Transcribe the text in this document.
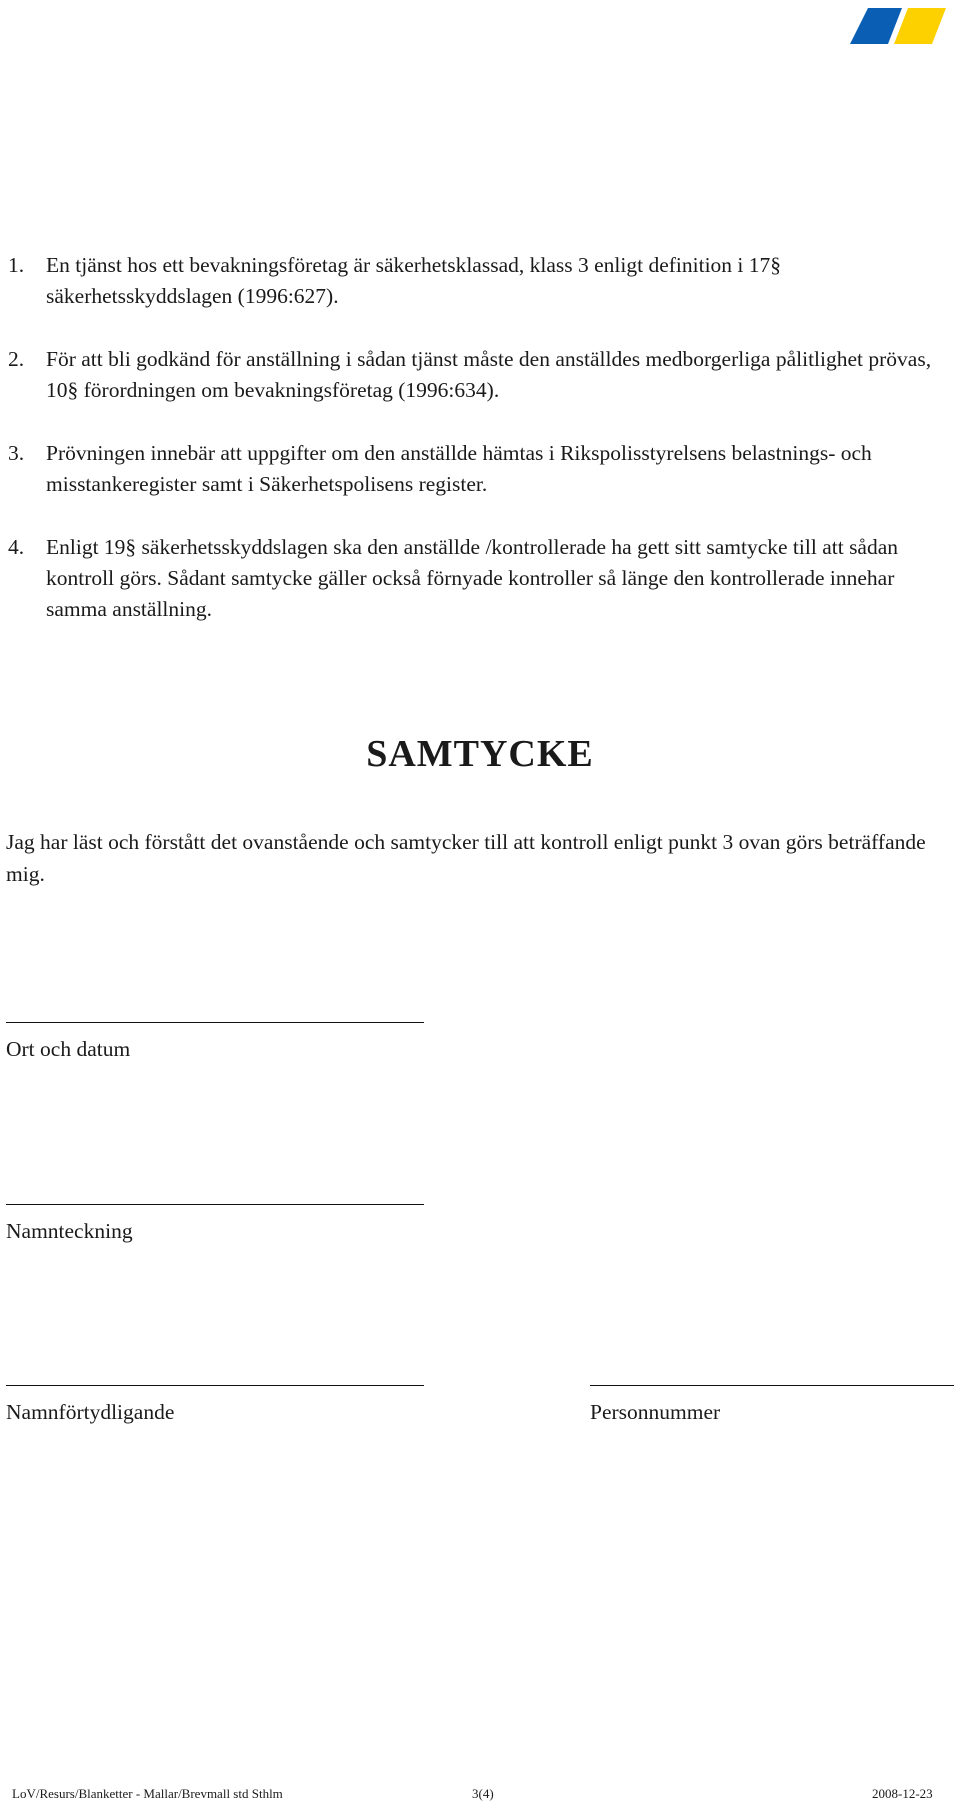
1.	En tjänst hos ett bevakningsföretag är säkerhetsklassad, klass 3 enligt definition i 17§ säkerhetsskyddslagen (1996:627).
2.	För att bli godkänd för anställning i sådan tjänst måste den anställdes medborgerliga pålitlighet prövas, 10§ förordningen om bevakningsföretag (1996:634).
3.	Prövningen innebär att uppgifter om den anställde hämtas i Rikspolisstyrelsens belastnings- och misstankeregister samt i Säkerhetspolisens register.
4.	Enligt 19§ säkerhetsskyddslagen ska den anställde /kontrollerade ha gett sitt samtycke till att sådan kontroll görs. Sådant samtycke gäller också förnyade kontroller så länge den kontrollerade innehar samma anställning.
SAMTYCKE
Jag har läst och förstått det ovanstående och samtycker till att kontroll enligt punkt 3 ovan görs beträffande mig.
Ort och datum
Namnteckning
Namnförtydligande	Personnummer
LoV/Resurs/Blanketter - Mallar/Brevmall std Sthlm	3(4)	2008-12-23
